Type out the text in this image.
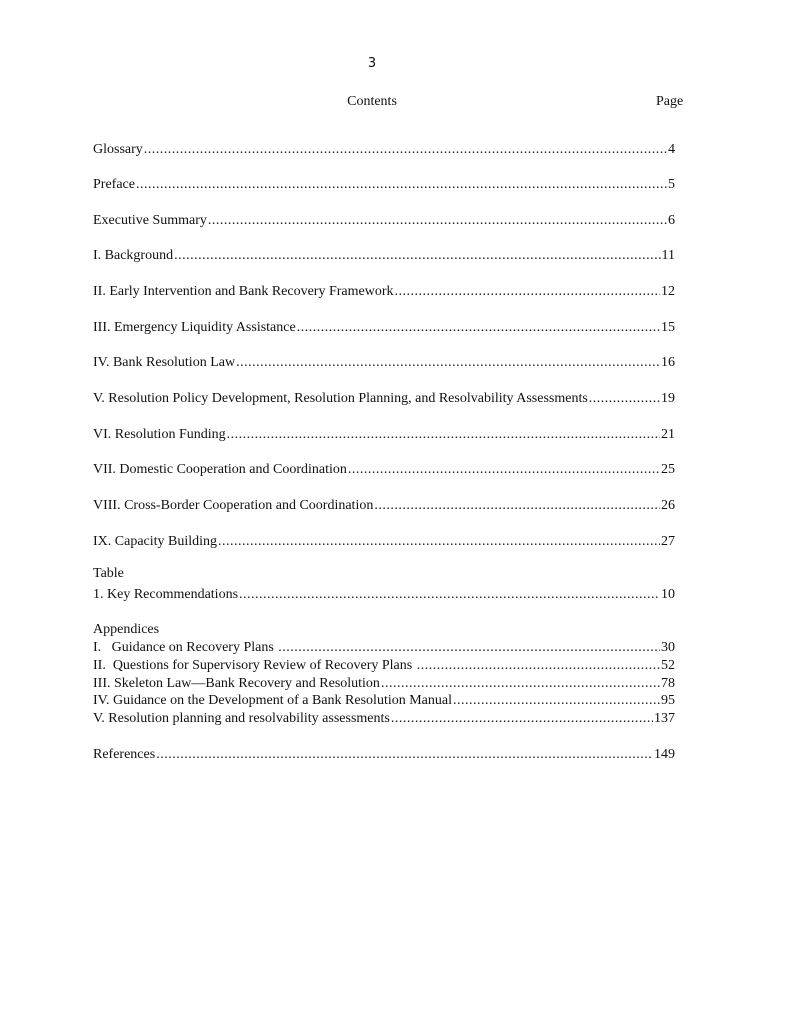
3
Contents	Page
Glossary .....	4
Preface .....	5
Executive Summary .....	6
I. Background .....	11
II. Early Intervention and Bank Recovery Framework .....	12
III. Emergency Liquidity Assistance .....	15
IV. Bank Resolution Law .....	16
V. Resolution Policy Development, Resolution Planning, and Resolvability Assessments .....	19
VI. Resolution Funding .....	21
VII. Domestic Cooperation and Coordination .....	25
VIII. Cross-Border Cooperation and Coordination .....	26
IX. Capacity Building .....	27
Table
1. Key Recommendations .....	10
Appendices
I.   Guidance on Recovery Plans .....	30
II.  Questions for Supervisory Review of Recovery Plans .....	52
III. Skeleton Law—Bank Recovery and Resolution .....	78
IV. Guidance on the Development of a Bank Resolution Manual .....	95
V. Resolution planning and resolvability assessments .....	137
References .....	149
